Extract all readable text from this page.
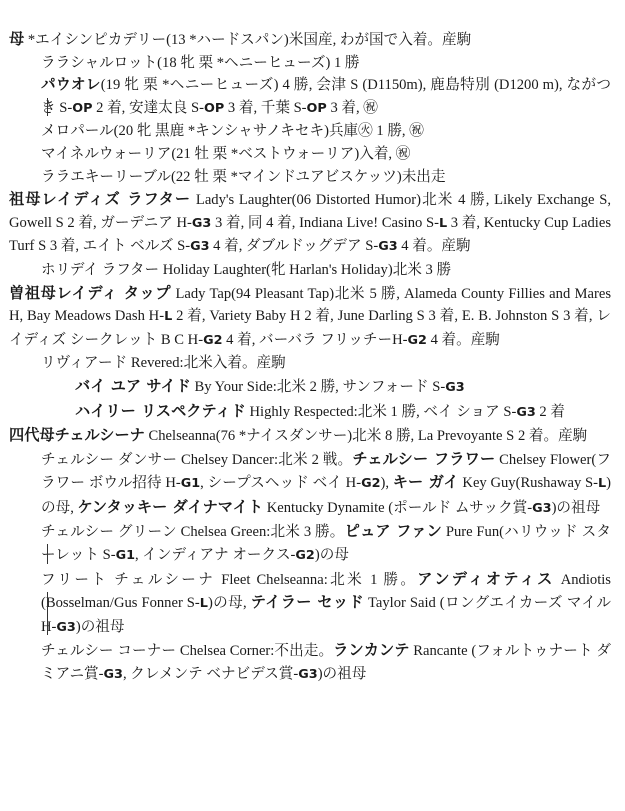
母 *エイシンピカデリー(13 *ハードスパン)米国産, わが国で入着。産駒

ララシャルロット(18 牝 栗 *ヘニーヒューズ) 1 勝

パウオレ(19 牝 栗 *ヘニーヒューズ) 4 勝, 会津 S (D1150m), 鹿島特別 (D1200 m), ながつき S-OP 2 着, 安達太良 S-OP 3 着, 千葉 S-OP 3 着, ㊗

メロパール(20 牝 黒鹿 *キンシャサノキセキ)兵庫㊋ 1 勝, ㊗

マイネルウォーリア(21 牡 栗 *ベストウォーリア)入着, ㊗

ララエキーリーブル(22 牡 栗 *マインドユアビスケッツ)未出走

祖母レイディズ ラフター Lady's Laughter(06 Distorted Humor)北米 4 勝, Likely Exchange S, Gowell S 2 着, ガーデニア H-G3 3 着, 同 4 着, Indiana Live! Casino S-L 3 着, Kentucky Cup Ladies Turf S 3 着, エイト ベルズ S-G3 4 着, ダブルドッグデア S-G3 4 着。産駒

ホリデイ ラフター Holiday Laughter(牝 Harlan's Holiday)北米 3 勝

曽祖母レイディ タップ Lady Tap(94 Pleasant Tap)北米 5 勝, Alameda County Fillies and Mares H, Bay Meadows Dash H-L 2 着, Variety Baby H 2 着, June Darling S 3 着, E. B. Johnston S 3 着, レイディズ シークレット B C H-G2 4 着, バーバラ フリッチーH-G2 4 着。産駒

リヴィアード Revered:北米入着。産駒

バイ ユア サイド By Your Side:北米 2 勝, サンフォード S-G3

ハイリー リスペクティド Highly Respected:北米 1 勝, ベイ ショア S-G3 2 着

四代母チェルシーナ Chelseanna(76 *ナイスダンサー)北米 8 勝, La Prevoyante S 2 着。産駒

チェルシー ダンサー Chelsey Dancer:北米 2 戦。チェルシー フラワー Chelsey Flower(フラワー ボウル招待 H-G1, シープスヘッド ベイ H-G2), キー ガイ Key Guy(Rushaway S-L)の母, ケンタッキー ダイナマイト Kentucky Dynamite (ポールド ムサック賞-G3)の祖母

チェルシー グリーン Chelsea Green:北米 3 勝。ピュア ファン Pure Fun(ハリウッド スターレット S-G1, インディアナ オークス-G2)の母

フリート チェルシーナ Fleet Chelseanna:北米 1 勝。アンディオティス Andiotis (Bosselman/Gus Fonner S-L)の母, テイラー セッド Taylor Said (ロングエイカーズ マイル H-G3)の祖母

チェルシー コーナー Chelsea Corner:不出走。ランカンテ Rancante (フォルトゥナート ダミアニ賞-G3, クレメンテ ベナビデス賞-G3)の祖母
